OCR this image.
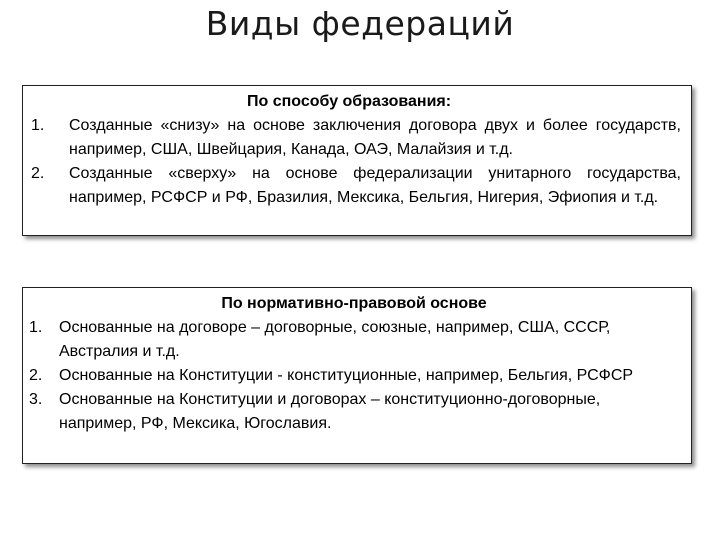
Виды федераций

По способу образования:

1. Созданные «снизу» на основе заключения договора двух и более государств, например, США, Швейцария, Канада, ОАЭ, Малайзия и т.д.
2. Созданные «сверху» на основе федерализации унитарного государства, например, РСФСР и РФ, Бразилия, Мексика, Бельгия, Нигерия, Эфиопия и т.д.

По нормативно-правовой основе

1. Основанные на договоре – договорные, союзные, например, США, СССР, Австралия и т.д.
2. Основанные на Конституции - конституционные, например, Бельгия, РСФСР
3. Основанные на Конституции и договорах – конституционно-договорные, например, РФ, Мексика, Югославия.
